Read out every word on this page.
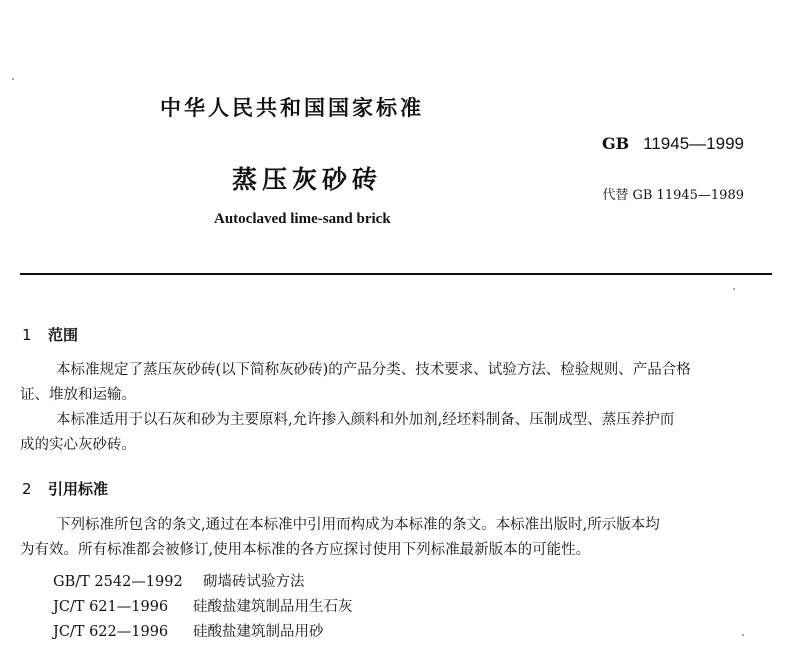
中华人民共和国国家标准
GB 11945—1999
蒸压灰砂砖
代替 GB 11945—1989
Autoclaved lime-sand brick
1 范围
本标准规定了蒸压灰砂砖(以下简称灰砂砖)的产品分类、技术要求、试验方法、检验规则、产品合格
证、堆放和运输。
本标准适用于以石灰和砂为主要原料,允许掺入颜料和外加剂,经坯料制备、压制成型、蒸压养护而
成的实心灰砂砖。
2 引用标准
下列标准所包含的条文,通过在本标准中引用而构成为本标准的条文。本标准出版时,所示版本均
为有效。所有标准都会被修订,使用本标准的各方应探讨使用下列标准最新版本的可能性。
GB/T 2542—1992 砌墙砖试验方法
JC/T 621—1996 硅酸盐建筑制品用生石灰
JC/T 622—1996 硅酸盐建筑制品用砂
